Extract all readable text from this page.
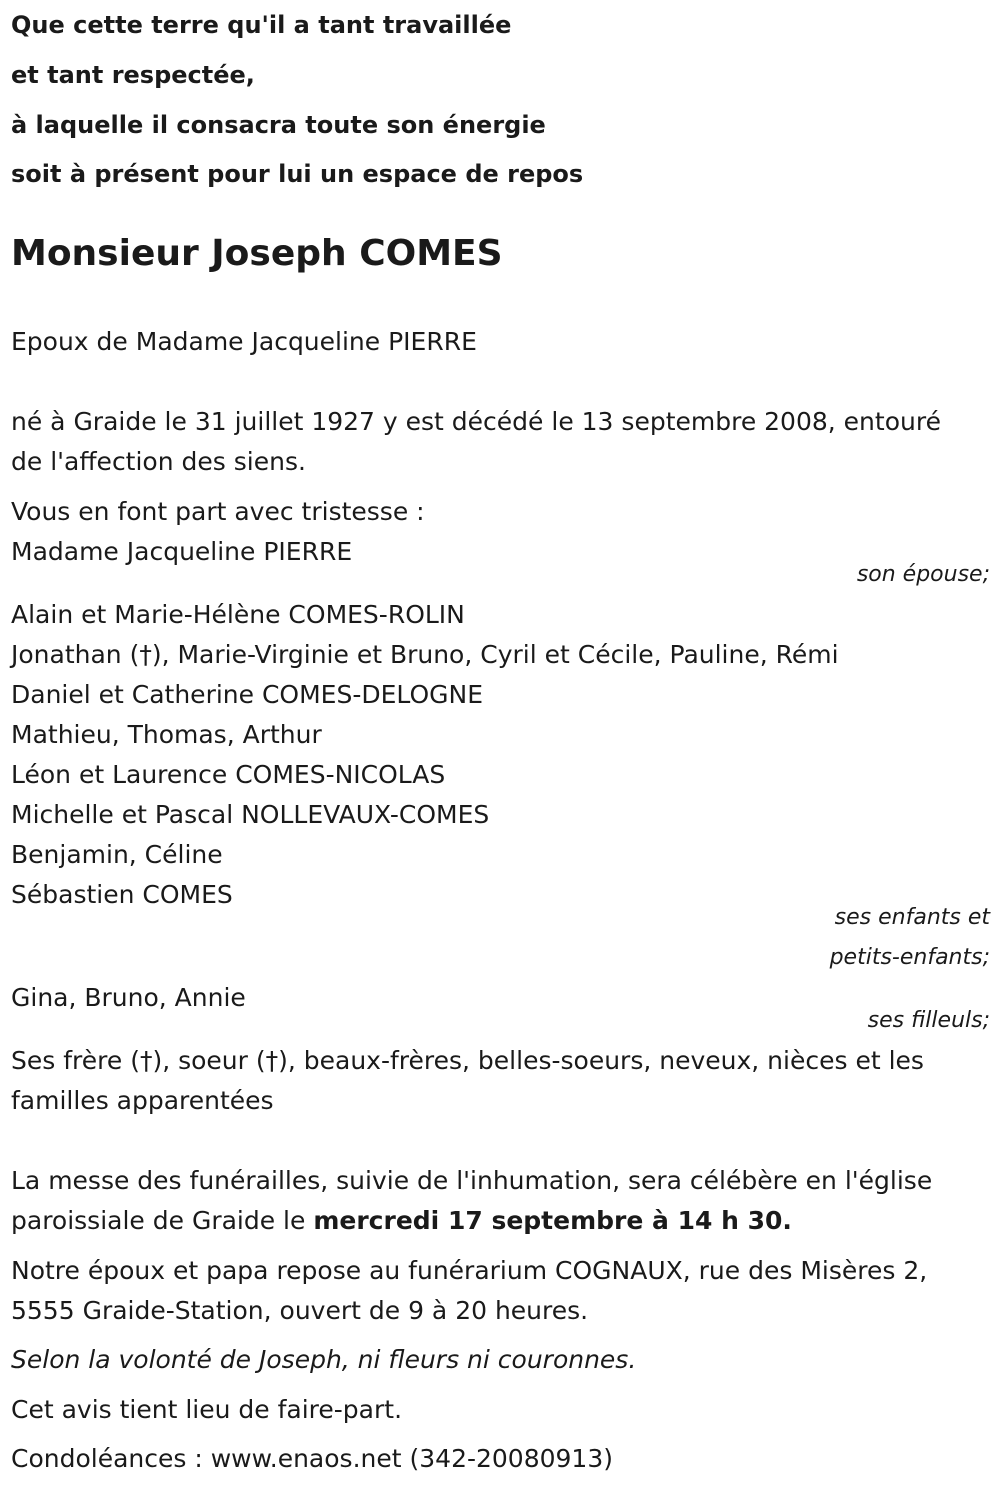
Que cette terre qu'il a tant travaillée
et tant respectée,
à laquelle il consacra toute son énergie
soit à présent pour lui un espace de repos
Monsieur Joseph COMES
Epoux de Madame Jacqueline PIERRE
né à Graide le 31 juillet 1927 y est décédé le 13 septembre 2008, entouré
de l'affection des siens.
Vous en font part avec tristesse :
Madame Jacqueline PIERRE
son épouse;
Alain et Marie-Hélène COMES-ROLIN
Jonathan (†), Marie-Virginie et Bruno, Cyril et Cécile, Pauline, Rémi
Daniel et Catherine COMES-DELOGNE
Mathieu, Thomas, Arthur
Léon et Laurence COMES-NICOLAS
Michelle et Pascal NOLLEVAUX-COMES
Benjamin, Céline
Sébastien COMES
ses enfants et
petits-enfants;
Gina, Bruno, Annie
ses filleuls;
Ses frère (†), soeur (†), beaux-frères, belles-soeurs, neveux, nièces et les
familles apparentées
La messe des funérailles, suivie de l'inhumation, sera célébère en l'église
paroissiale de Graide le mercredi 17 septembre à 14 h 30.
Notre époux et papa repose au funérarium COGNAUX, rue des Misères 2,
5555 Graide-Station, ouvert de 9 à 20 heures.
Selon la volonté de Joseph, ni fleurs ni couronnes.
Cet avis tient lieu de faire-part.
Condoléances : www.enaos.net (342-20080913)
